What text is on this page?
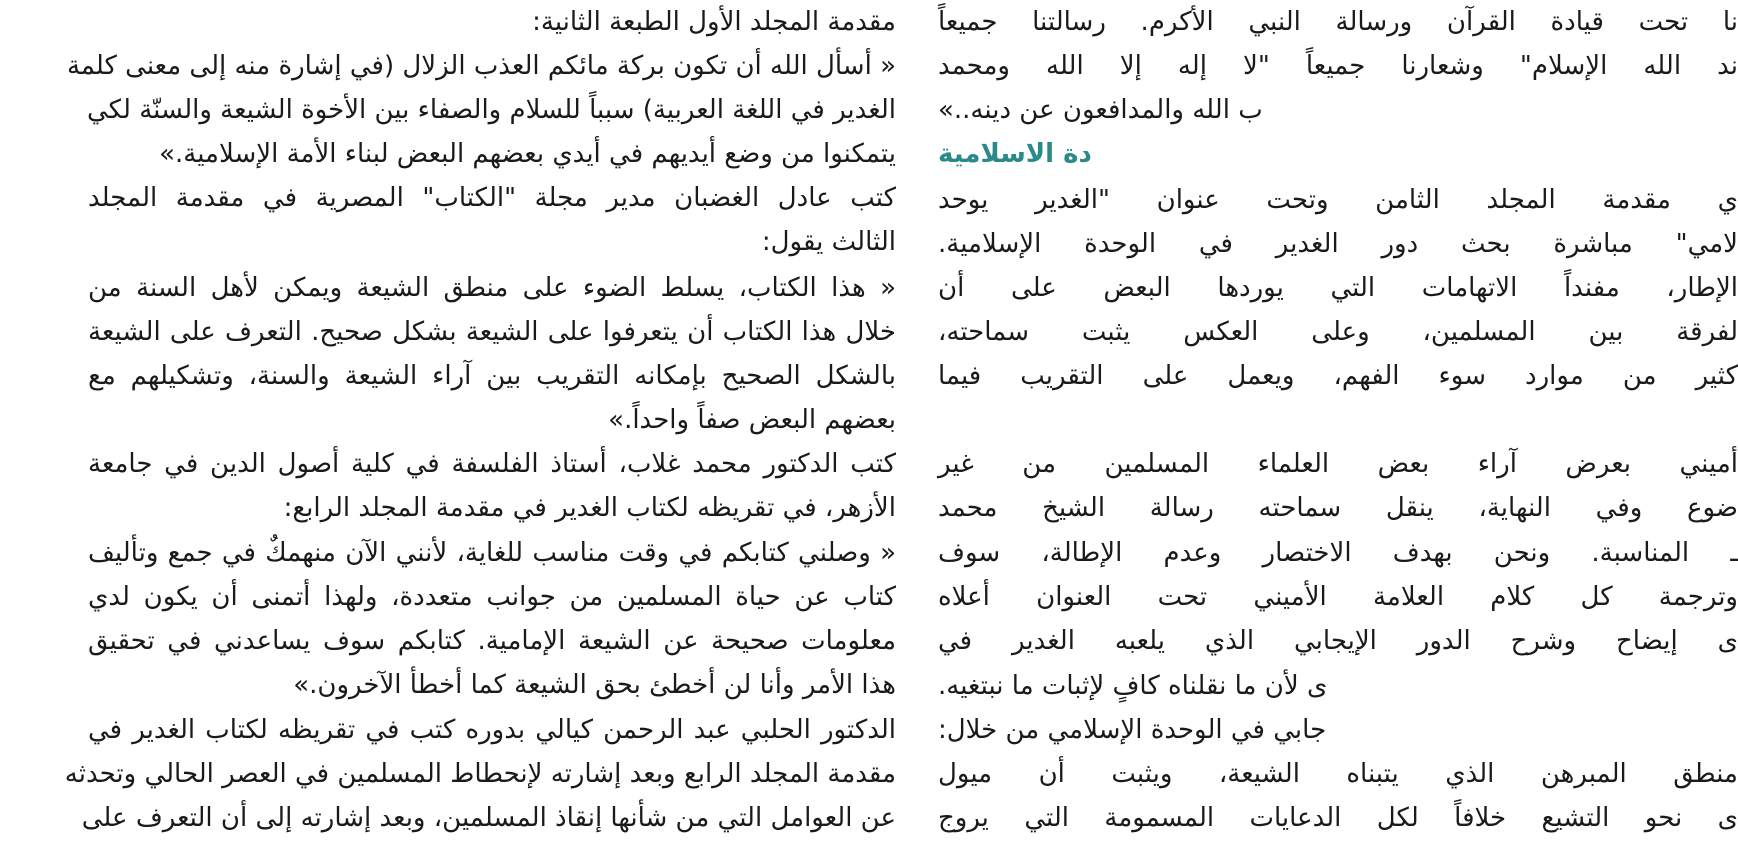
مقدمة المجلد الأول الطبعة الثانية:
« أسأل الله أن تكون بركة مائكم العذب الزلال (في إشارة منه إلى معنى كلمة
الغدير في اللغة العربية) سبباً للسلام والصفاء بين الأخوة الشيعة والسنّة لكي
يتمكنوا من وضع أيديهم في أيدي بعضهم البعض لبناء الأمة الإسلامية.»
كتب عادل الغضبان مدير مجلة "الكتاب" المصرية في مقدمة المجلد
الثالث يقول:
« هذا الكتاب، يسلط الضوء على منطق الشيعة ويمكن لأهل السنة من
خلال هذا الكتاب أن يتعرفوا على الشيعة بشكل صحيح. التعرف على الشيعة
بالشكل الصحيح بإمكانه التقريب بين آراء الشيعة والسنة، وتشكيلهم مع
بعضهم البعض صفاً واحداً.»
كتب الدكتور محمد غلاب، أستاذ الفلسفة في كلية أصول الدين في جامعة
الأزهر، في تقريظه لكتاب الغدير في مقدمة المجلد الرابع:
« وصلني كتابكم في وقت مناسب للغاية، لأنني الآن منهمكٌ في جمع وتأليف
كتاب عن حياة المسلمين من جوانب متعددة، ولهذا أتمنى أن يكون لدي
معلومات صحيحة عن الشيعة الإمامية. كتابكم سوف يساعدني في تحقيق
هذا الأمر وأنا لن أخطئ بحق الشيعة كما أخطأ الآخرون.»
الدكتور الحلبي عبد الرحمن كيالي بدوره كتب في تقريظه لكتاب الغدير في
مقدمة المجلد الرابع وبعد إشارته لإنحطاط المسلمين في العصر الحالي وتحدثه
عن العوامل التي من شأنها إنقاذ المسلمين، وبعد إشارته إلى أن التعرف على
نا تحت قيادة القرآن ورسالة النبي الأكرم. رسالتنا جميعاً
ند الله الإسلام" وشعارنا جميعاً "لا إله إلا الله ومحمد
ب الله والمدافعون عن دينه..»
دة الاسلامية
ي مقدمة المجلد الثامن وتحت عنوان "الغدير يوحد
لامي" مباشرة بحث دور الغدير في الوحدة الإسلامية.
الإطار، مفنداً الاتهامات التي يوردها البعض على أن
لفرقة بين المسلمين، وعلى العكس يثبت سماحته،
كثير من موارد سوء الفهم، ويعمل على التقريب فيما
أميني بعرض آراء بعض العلماء المسلمين من غير
ضوع وفي النهاية، ينقل سماحته رسالة الشيخ محمد
ـ المناسبة. ونحن بهدف الاختصار وعدم الإطالة، سوف
وترجمة كل كلام العلامة الأميني تحت العنوان أعلاه
ى إيضاح وشرح الدور الإيجابي الذي يلعبه الغدير في
ى لأن ما نقلناه كافٍ لإثبات ما نبتغيه.
جابي في الوحدة الإسلامي من خلال:
منطق المبرهن الذي يتبناه الشيعة، ويثبت أن ميول
ى نحو التشيع خلافاً لكل الدعايات المسمومة التي يروج
